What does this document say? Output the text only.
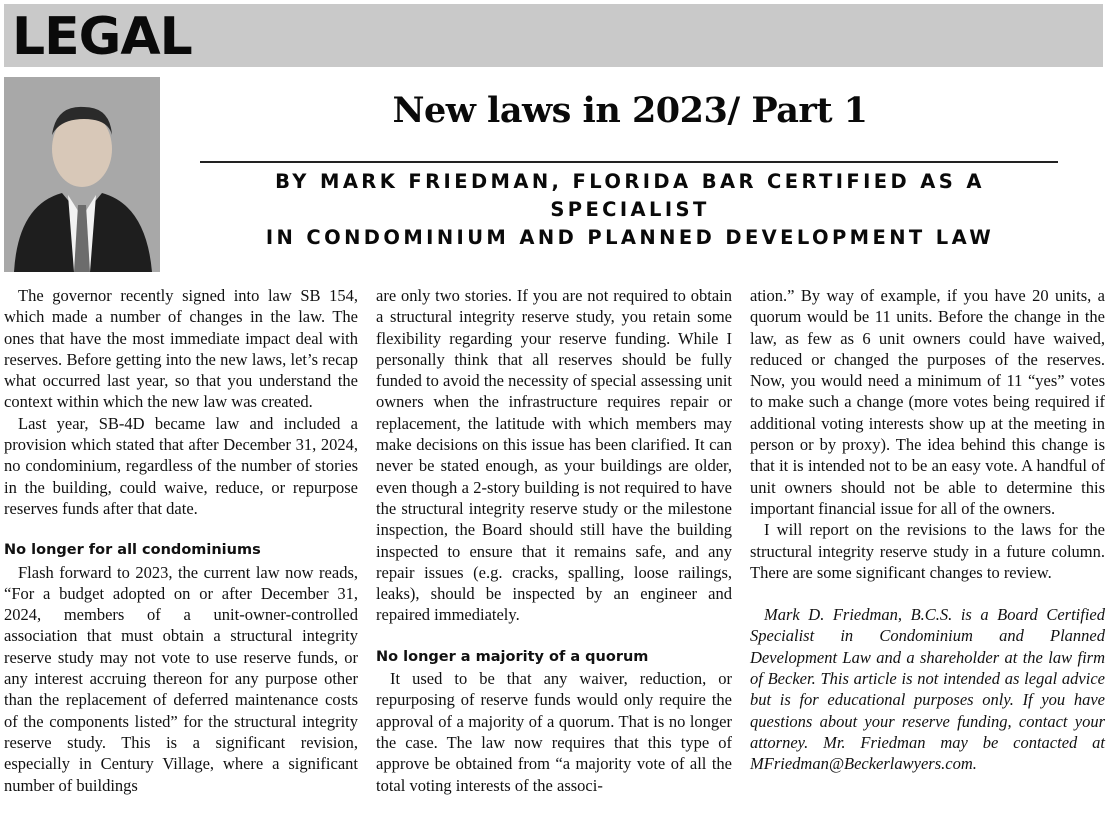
LEGAL
New laws in 2023/ Part 1
BY MARK FRIEDMAN, FLORIDA BAR CERTIFIED AS A SPECIALIST
IN CONDOMINIUM AND PLANNED DEVELOPMENT LAW

The governor recently signed into law SB 154, which made a number of changes in the law. The ones that have the most immediate impact deal with reserves. Before getting into the new laws, let’s recap what occurred last year, so that you understand the context within which the new law was created.

Last year, SB-4D became law and included a provision which stated that after December 31, 2024, no condominium, regardless of the number of stories in the building, could waive, reduce, or repurpose reserves funds after that date.

No longer for all condominiums

Flash forward to 2023, the current law now reads, “For a budget adopted on or after December 31, 2024, members of a unit-owner-controlled association that must obtain a structural integrity reserve study may not vote to use reserve funds, or any interest accruing thereon for any purpose other than the replacement of deferred maintenance costs of the components listed” for the structural integrity reserve study. This is a significant revision, especially in Century Village, where a significant number of buildings

are only two stories. If you are not required to obtain a structural integrity reserve study, you retain some flexibility regarding your reserve funding. While I personally think that all reserves should be fully funded to avoid the necessity of special assessing unit owners when the infrastructure requires repair or replacement, the latitude with which members may make decisions on this issue has been clarified. It can never be stated enough, as your buildings are older, even though a 2-story building is not required to have the structural integrity reserve study or the milestone inspection, the Board should still have the building inspected to ensure that it remains safe, and any repair issues (e.g. cracks, spalling, loose railings, leaks), should be inspected by an engineer and repaired immediately.

No longer a majority of a quorum

It used to be that any waiver, reduction, or repurposing of reserve funds would only require the approval of a majority of a quorum. That is no longer the case. The law now requires that this type of approve be obtained from “a majority vote of all the total voting interests of the associ-

ation.” By way of example, if you have 20 units, a quorum would be 11 units. Before the change in the law, as few as 6 unit owners could have waived, reduced or changed the purposes of the reserves. Now, you would need a minimum of 11 “yes” votes to make such a change (more votes being required if additional voting interests show up at the meeting in person or by proxy). The idea behind this change is that it is intended not to be an easy vote. A handful of unit owners should not be able to determine this important financial issue for all of the owners.

I will report on the revisions to the laws for the structural integrity reserve study in a future column. There are some significant changes to review.

Mark D. Friedman, B.C.S. is a Board Certified Specialist in Condominium and Planned Development Law and a shareholder at the law firm of Becker. This article is not intended as legal advice but is for educational purposes only. If you have questions about your reserve funding, contact your attorney. Mr. Friedman may be contacted at MFriedman@Beckerlawyers.com.
